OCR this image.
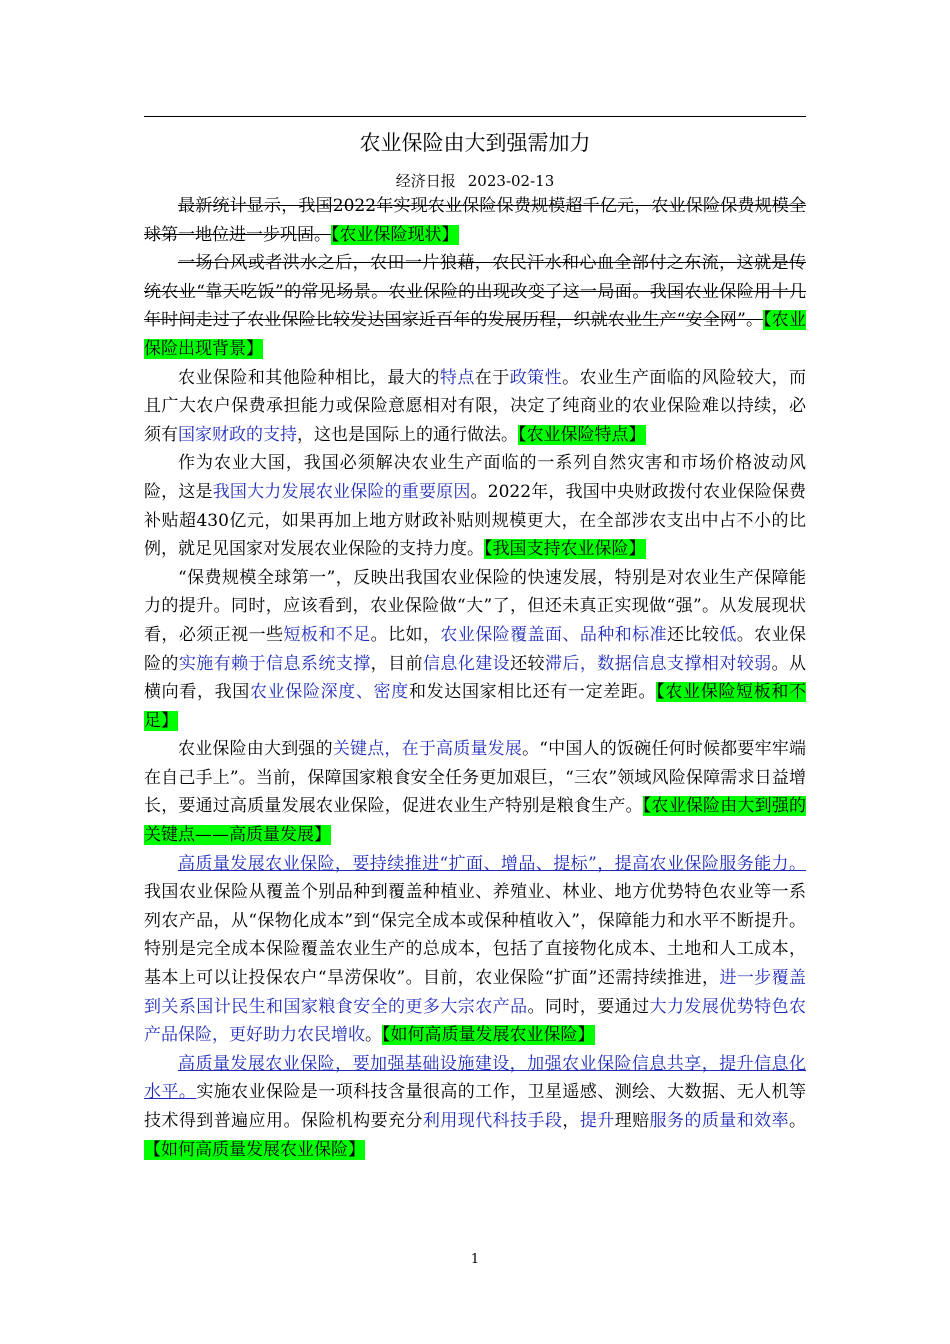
农业保险由大到强需加力
经济日报 2023-02-13

最新统计显示，我国2022年实现农业保险保费规模超千亿元，农业保险保费规模全球第一地位进一步巩固。【农业保险现状】

一场台风或者洪水之后，农田一片狼藉，农民汗水和心血全部付之东流，这就是传统农业“靠天吃饭”的常见场景。农业保险的出现改变了这一局面。我国农业保险用十几年时间走过了农业保险比较发达国家近百年的发展历程，织就农业生产“安全网”。【农业保险出现背景】

农业保险和其他险种相比，最大的特点在于政策性。农业生产面临的风险较大，而且广大农户保费承担能力或保险意愿相对有限，决定了纯商业的农业保险难以持续，必须有国家财政的支持，这也是国际上的通行做法。【农业保险特点】

作为农业大国，我国必须解决农业生产面临的一系列自然灾害和市场价格波动风险，这是我国大力发展农业保险的重要原因。2022年，我国中央财政拨付农业保险保费补贴超430亿元，如果再加上地方财政补贴则规模更大，在全部涉农支出中占不小的比例，就足见国家对发展农业保险的支持力度。【我国支持农业保险】

“保费规模全球第一”，反映出我国农业保险的快速发展，特别是对农业生产保障能力的提升。同时，应该看到，农业保险做“大”了，但还未真正实现做“强”。从发展现状看，必须正视一些短板和不足。比如，农业保险覆盖面、品种和标准还比较低。农业保险的实施有赖于信息系统支撑，目前信息化建设还较滞后，数据信息支撑相对较弱。从横向看，我国农业保险深度、密度和发达国家相比还有一定差距。【农业保险短板和不足】

农业保险由大到强的关键点，在于高质量发展。“中国人的饭碗任何时候都要牢牢端在自己手上”。当前，保障国家粮食安全任务更加艰巨，“三农”领域风险保障需求日益增长，要通过高质量发展农业保险，促进农业生产特别是粮食生产。【农业保险由大到强的关键点——高质量发展】

高质量发展农业保险，要持续推进“扩面、增品、提标”，提高农业保险服务能力。我国农业保险从覆盖个别品种到覆盖种植业、养殖业、林业、地方优势特色农业等一系列农产品，从“保物化成本”到“保完全成本或保种植收入”，保障能力和水平不断提升。特别是完全成本保险覆盖农业生产的总成本，包括了直接物化成本、土地和人工成本，基本上可以让投保农户“旱涝保收”。目前，农业保险“扩面”还需持续推进，进一步覆盖到关系国计民生和国家粮食安全的更多大宗农产品。同时，要通过大力发展优势特色农产品保险，更好助力农民增收。【如何高质量发展农业保险】

高质量发展农业保险，要加强基础设施建设，加强农业保险信息共享，提升信息化水平。实施农业保险是一项科技含量很高的工作，卫星遥感、测绘、大数据、无人机等技术得到普遍应用。保险机构要充分利用现代科技手段，提升理赔服务的质量和效率。【如何高质量发展农业保险】

1
